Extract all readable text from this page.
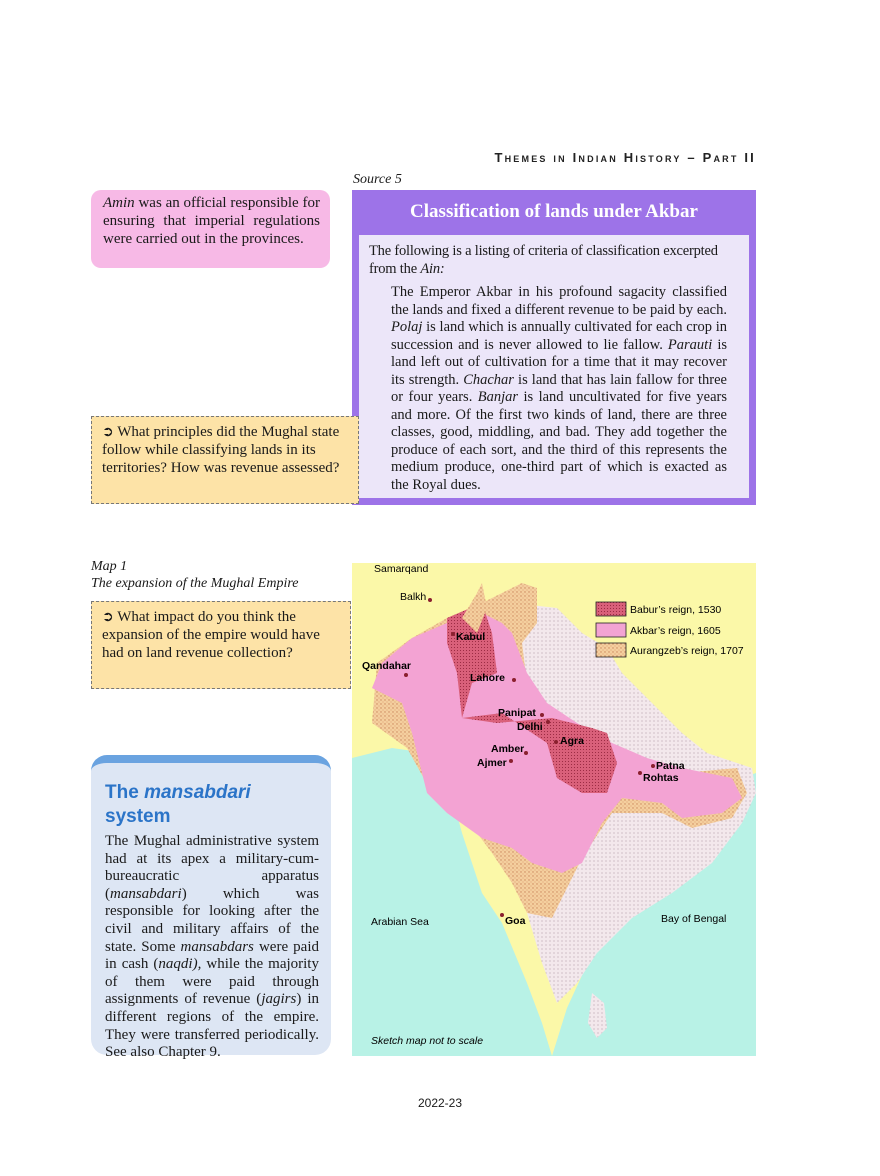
Themes in Indian History – Part II
Source 5
Amin was an official responsible for ensuring that imperial regulations were carried out in the provinces.
Classification of lands under Akbar

The following is a listing of criteria of classification excerpted from the Ain:

The Emperor Akbar in his profound sagacity classified the lands and fixed a different revenue to be paid by each. Polaj is land which is annually cultivated for each crop in succession and is never allowed to lie fallow. Parauti is land left out of cultivation for a time that it may recover its strength. Chachar is land that has lain fallow for three or four years. Banjar is land uncultivated for five years and more. Of the first two kinds of land, there are three classes, good, middling, and bad. They add together the produce of each sort, and the third of this represents the medium produce, one-third part of which is exacted as the Royal dues.

➲ What principles did the Mughal state follow while classifying lands in its territories? How was revenue assessed?
Map 1
The expansion of the Mughal Empire
➲ What impact do you think the expansion of the empire would have had on land revenue collection?
The mansabdari system

The Mughal administrative system had at its apex a military-cum-bureaucratic apparatus (mansabdari) which was responsible for looking after the civil and military affairs of the state. Some mansabdars were paid in cash (naqdi), while the majority of them were paid through assignments of revenue (jagirs) in different regions of the empire. They were transferred periodically. See also Chapter 9.

Babur’s reign, 1530
Akbar’s reign, 1605
Aurangzeb’s reign, 1707
Samarqand
Balkh
Kabul
Qandahar
Lahore
Panipat
Delhi
Agra
Amber
Ajmer	Patna
Rohtas
Goa
Arabian Sea	Bay of Bengal
Sketch map not to scale
2022-23
